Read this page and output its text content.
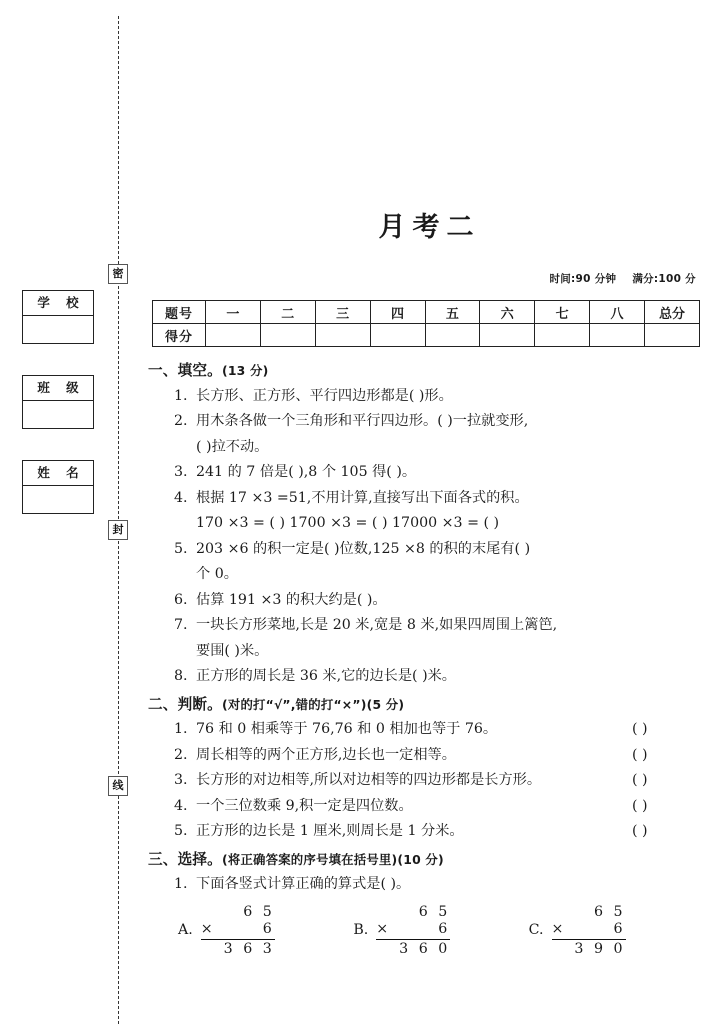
密
封
线
学 校
班 级
姓 名
月考二
时间:90 分钟 满分:100 分
题号	一	二	三	四	五	六	七	八	总分
得分									
一、填空。(13 分)
1. 长方形、正方形、平行四边形都是( )形。
2. 用木条各做一个三角形和平行四边形。( )一拉就变形,
( )拉不动。
3. 241 的 7 倍是( ),8 个 105 得( )。
4. 根据 17 ×3 =51,不用计算,直接写出下面各式的积。
170 ×3 = ( ) 1700 ×3 = ( ) 17000 ×3 = ( )
5. 203 ×6 的积一定是( )位数,125 ×8 的积的末尾有( )
个 0。
6. 估算 191 ×3 的积大约是( )。
7. 一块长方形菜地,长是 20 米,宽是 8 米,如果四周围上篱笆,
要围( )米。
8. 正方形的周长是 36 米,它的边长是( )米。
二、判断。(对的打“√”,错的打“×”)(5 分)
1. 76 和 0 相乘等于 76,76 和 0 相加也等于 76。	( )
2. 周长相等的两个正方形,边长也一定相等。	( )
3. 长方形的对边相等,所以对边相等的四边形都是长方形。	( )
4. 一个三位数乘 9,积一定是四位数。	( )
5. 正方形的边长是 1 厘米,则周长是 1 分米。	( )
三、选择。(将正确答案的序号填在括号里)(10 分)
1. 下面各竖式计算正确的算式是( )。
A.
6 5
×	6
3 6 3
B.
6 5
×	6
3 6 0
C.
6 5
×	6
3 9 0
